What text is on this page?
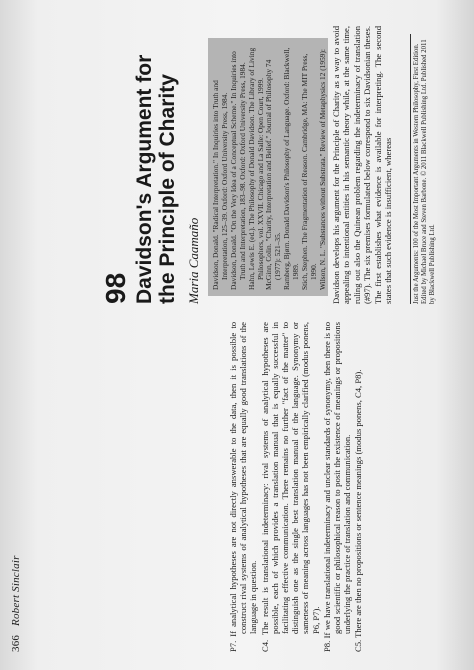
366 Robert Sinclair	P7. If analytical hypotheses are not directly answerable to the data, then it is possible to construct rival systems of analytical hypotheses that are equally good translations of the language in question. C4. The result is translational indeterminacy: rival systems of analytical hypotheses are possible, each of which provides a translation manual that is equally successful in facilitating effective communication. There remains no further "fact of the matter" to distinguish one as the single best translation manual of the language. Synonymy or sameness of meaning across languages has not been empirically clarified (modus ponens, P6, P7). P8. If we have translational indeterminacy and unclear standards of synonymy, then there is no good scientific or philosophical reason to posit the existence of meanings or propositions underlying the practice of translation and communication. C5. There are then no propositions or sentence meanings (modus ponens, C4, P8).

98 Davidson's Argument for the Principle of Charity Maria Caamaño Davidson, Donald. "Radical Interpretation." In Inquiries into Truth and Interpretation, 125–39. Oxford: Oxford University Press, 1984. Davidson, Donald. "On the Very Idea of a Conceptual Scheme." In Inquiries into Truth and Interpretation, 183–98. Oxford: Oxford University Press, 1984. Hahn, Lewis E. (ed.). The Philosophy of Donald Davidson. The Library of Living Philosophers, vol. XXVII. Chicago and La Salle: Open Court, 1999. McGinn, Colin. "Charity, Interpretation and Belief." Journal of Philosophy 74 (1977): 521–35. Ramberg, Bjørn. Donald Davidson's Philosophy of Language. Oxford: Blackwell, 1989. Stich, Stephen. The Fragmentation of Reason. Cambridge, MA: The MIT Press, 1990. Wilson, N. L. "Substances without Substrata." Review of Metaphysics 12 (1959): Davidson develops his argument for the Principle of Charity as a way to avoid appealing to intentional entities in his semantic theory while, at the same time, ruling out also the Quinean problem regarding the indeterminacy of translation (#97). The six premises formulated below correspond to six Davidsonian theses. The first establishes what evidence is available for interpreting. The second states that such evidence is insufficient, whereas	Just the Arguments: 100 of the Most Important Arguments in Western Philosophy, First Edition. Edited by Michael Bruce and Steven Barbone. © 2011 Blackwell Publishing Ltd. Published 2011 by Blackwell Publishing Ltd.
